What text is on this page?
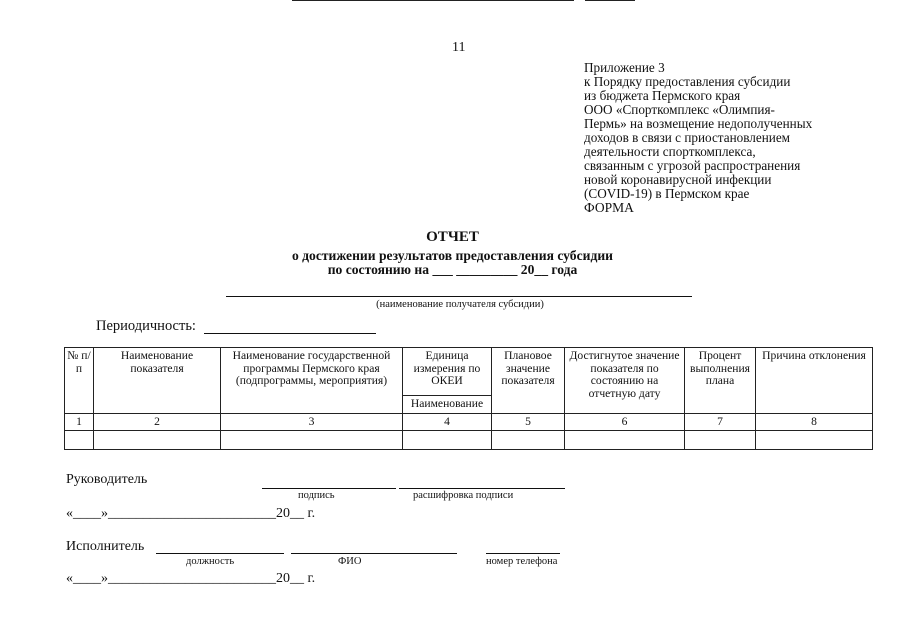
11
Приложение 3
к Порядку предоставления субсидии
из бюджета Пермского края
ООО «Спорткомплекс «Олимпия-
Пермь» на возмещение недополученных
доходов в связи с приостановлением
деятельности спорткомплекса,
связанным с угрозой распространения
новой коронавирусной инфекции
(COVID-19) в Пермском крае
ФОРМА
ОТЧЕТ
о достижении результатов предоставления субсидии
по состоянию на ___ _________ 20__ года
(наименование получателя субсидии)
Периодичность:
№ п/п	Наименование показателя	Наименование государственной программы Пермского края (подпрограммы, мероприятия)	Единица измерения по ОКЕИ	Плановое значение показателя	Достигнутое значение показателя по состоянию на отчетную дату	Процент выполнения плана	Причина отклонения
			Наименование				
1	2	3	4	5	6	7	8

Руководитель
подпись	расшифровка подписи
«____»________________________20__ г.
Исполнитель
должность	ФИО	номер телефона
«____»________________________20__ г.
